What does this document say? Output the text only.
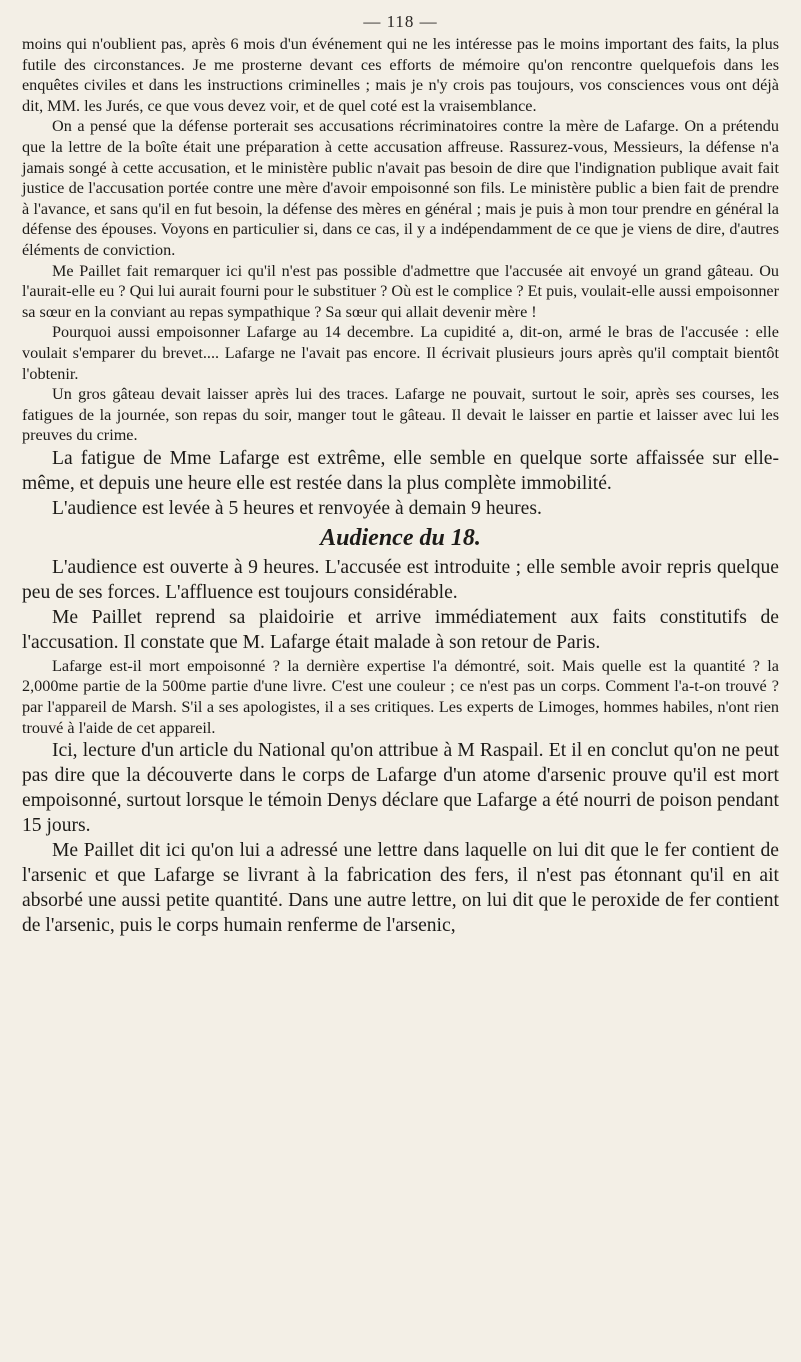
— 118 —

moins qui n'oublient pas, après 6 mois d'un événement qui ne les intéresse pas le moins important des faits, la plus futile des circonstances. Je me prosterne devant ces efforts de mémoire qu'on rencontre quelquefois dans les enquêtes civiles et dans les instructions criminelles ; mais je n'y crois pas toujours, vos consciences vous ont déjà dit, MM. les Jurés, ce que vous devez voir, et de quel coté est la vraisemblance.

On a pensé que la défense porterait ses accusations récriminatoires contre la mère de Lafarge. On a prétendu que la lettre de la boîte était une préparation à cette accusation affreuse. Rassurez-vous, Messieurs, la défense n'a jamais songé à cette accusation, et le ministère public n'avait pas besoin de dire que l'indignation publique avait fait justice de l'accusation portée contre une mère d'avoir empoisonné son fils. Le ministère public a bien fait de prendre à l'avance, et sans qu'il en fut besoin, la défense des mères en général ; mais je puis à mon tour prendre en général la défense des épouses. Voyons en particulier si, dans ce cas, il y a indépendamment de ce que je viens de dire, d'autres éléments de conviction.

Me Paillet fait remarquer ici qu'il n'est pas possible d'admettre que l'accusée ait envoyé un grand gâteau. Ou l'aurait-elle eu ? Qui lui aurait fourni pour le substituer ? Où est le complice ? Et puis, voulait-elle aussi empoisonner sa sœur en la conviant au repas sympathique ? Sa sœur qui allait devenir mère !

Pourquoi aussi empoisonner Lafarge au 14 decembre. La cupidité a, dit-on, armé le bras de l'accusée : elle voulait s'emparer du brevet.... Lafarge ne l'avait pas encore. Il écrivait plusieurs jours après qu'il comptait bientôt l'obtenir.

Un gros gâteau devait laisser après lui des traces. Lafarge ne pouvait, surtout le soir, après ses courses, les fatigues de la journée, son repas du soir, manger tout le gâteau. Il devait le laisser en partie et laisser avec lui les preuves du crime.

La fatigue de Mme Lafarge est extrême, elle semble en quelque sorte affaissée sur elle-même, et depuis une heure elle est restée dans la plus complète immobilité.

L'audience est levée à 5 heures et renvoyée à demain 9 heures.

Audience du 18.

L'audience est ouverte à 9 heures. L'accusée est introduite ; elle semble avoir repris quelque peu de ses forces. L'affluence est toujours considérable.

Me Paillet reprend sa plaidoirie et arrive immédiatement aux faits constitutifs de l'accusation. Il constate que M. Lafarge était malade à son retour de Paris.

Lafarge est-il mort empoisonné ? la dernière expertise l'a démontré, soit. Mais quelle est la quantité ? la 2,000me partie de la 500me partie d'une livre. C'est une couleur ; ce n'est pas un corps. Comment l'a-t-on trouvé ? par l'appareil de Marsh. S'il a ses apologistes, il a ses critiques. Les experts de Limoges, hommes habiles, n'ont rien trouvé à l'aide de cet appareil.

Ici, lecture d'un article du National qu'on attribue à M Raspail. Et il en conclut qu'on ne peut pas dire que la découverte dans le corps de Lafarge d'un atome d'arsenic prouve qu'il est mort empoisonné, surtout lorsque le témoin Denys déclare que Lafarge a été nourri de poison pendant 15 jours.

Me Paillet dit ici qu'on lui a adressé une lettre dans laquelle on lui dit que le fer contient de l'arsenic et que Lafarge se livrant à la fabrication des fers, il n'est pas étonnant qu'il en ait absorbé une aussi petite quantité. Dans une autre lettre, on lui dit que le peroxide de fer contient de l'arsenic, puis le corps humain renferme de l'arsenic,
